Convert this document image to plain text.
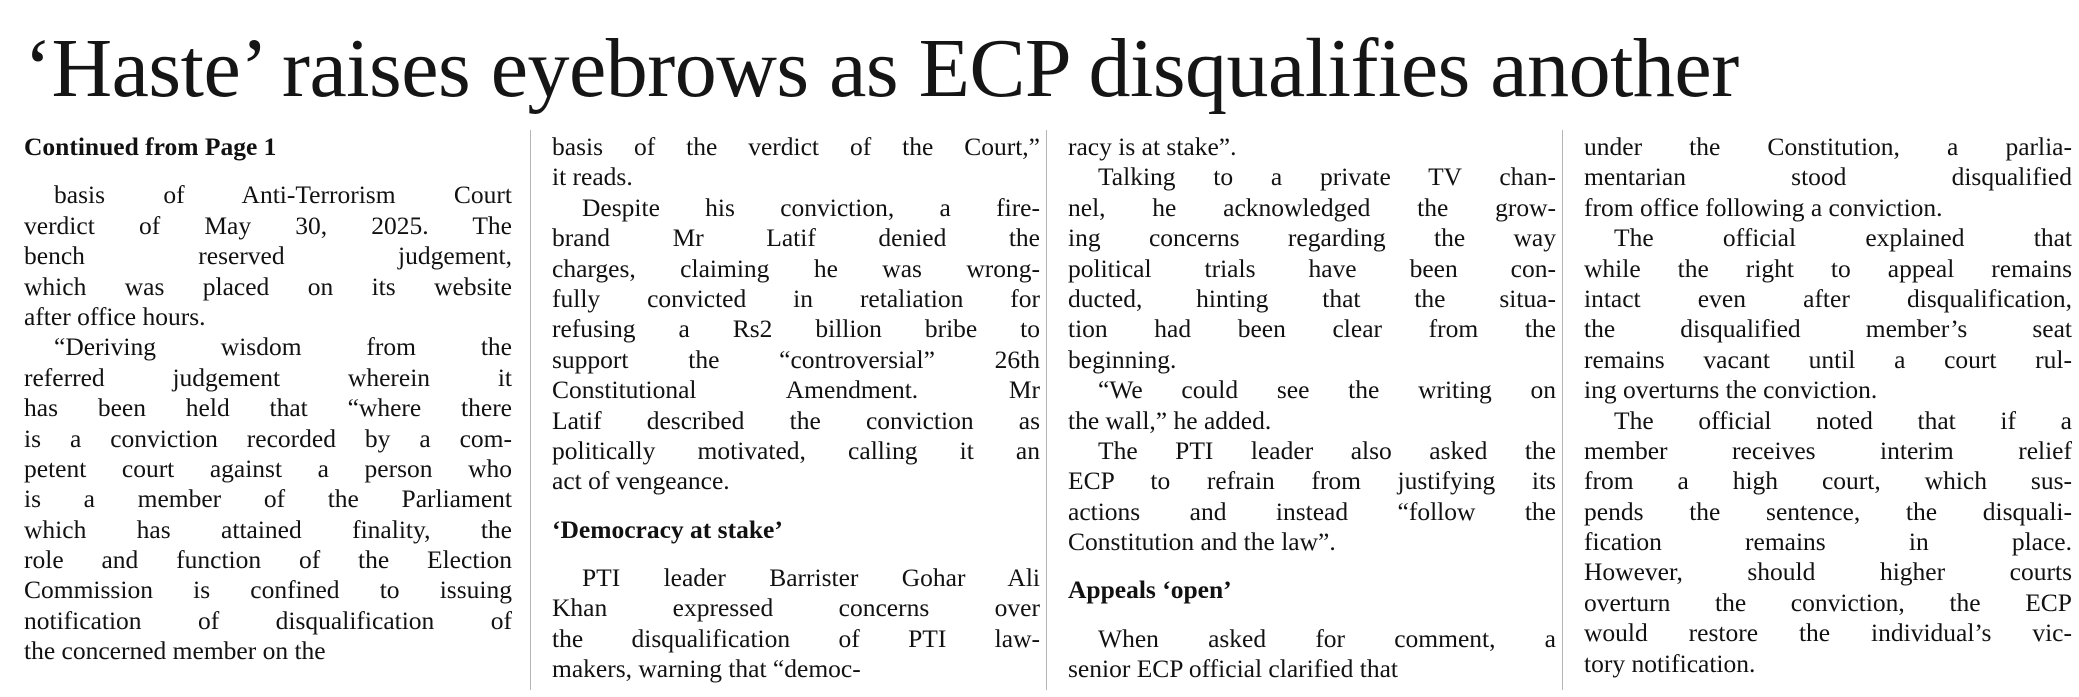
‘Haste’ raises eyebrows as ECP disqualifies another
Continued from Page 1
basis of Anti-Terrorism Court
verdict of May 30, 2025. The
bench reserved judgement,
which was placed on its website
after office hours.
“Deriving wisdom from the
referred judgement wherein it
has been held that “where there
is a conviction recorded by a com-
petent court against a person who
is a member of the Parliament
which has attained finality, the
role and function of the Election
Commission is confined to issuing
notification of disqualification of
the concerned member on the
basis of the verdict of the Court,”
it reads.
Despite his conviction, a fire-
brand Mr Latif denied the
charges, claiming he was wrong-
fully convicted in retaliation for
refusing a Rs2 billion bribe to
support the “controversial” 26th
Constitutional Amendment. Mr
Latif described the conviction as
politically motivated, calling it an
act of vengeance.
‘Democracy at stake’
PTI leader Barrister Gohar Ali
Khan expressed concerns over
the disqualification of PTI law-
makers, warning that “democ-
racy is at stake”.
Talking to a private TV chan-
nel, he acknowledged the grow-
ing concerns regarding the way
political trials have been con-
ducted, hinting that the situa-
tion had been clear from the
beginning.
“We could see the writing on
the wall,” he added.
The PTI leader also asked the
ECP to refrain from justifying its
actions and instead “follow the
Constitution and the law”.
Appeals ‘open’
When asked for comment, a
senior ECP official clarified that
under the Constitution, a parlia-
mentarian stood disqualified
from office following a conviction.
The official explained that
while the right to appeal remains
intact even after disqualification,
the disqualified member’s seat
remains vacant until a court rul-
ing overturns the conviction.
The official noted that if a
member receives interim relief
from a high court, which sus-
pends the sentence, the disquali-
fication remains in place.
However, should higher courts
overturn the conviction, the ECP
would restore the individual’s vic-
tory notification.
